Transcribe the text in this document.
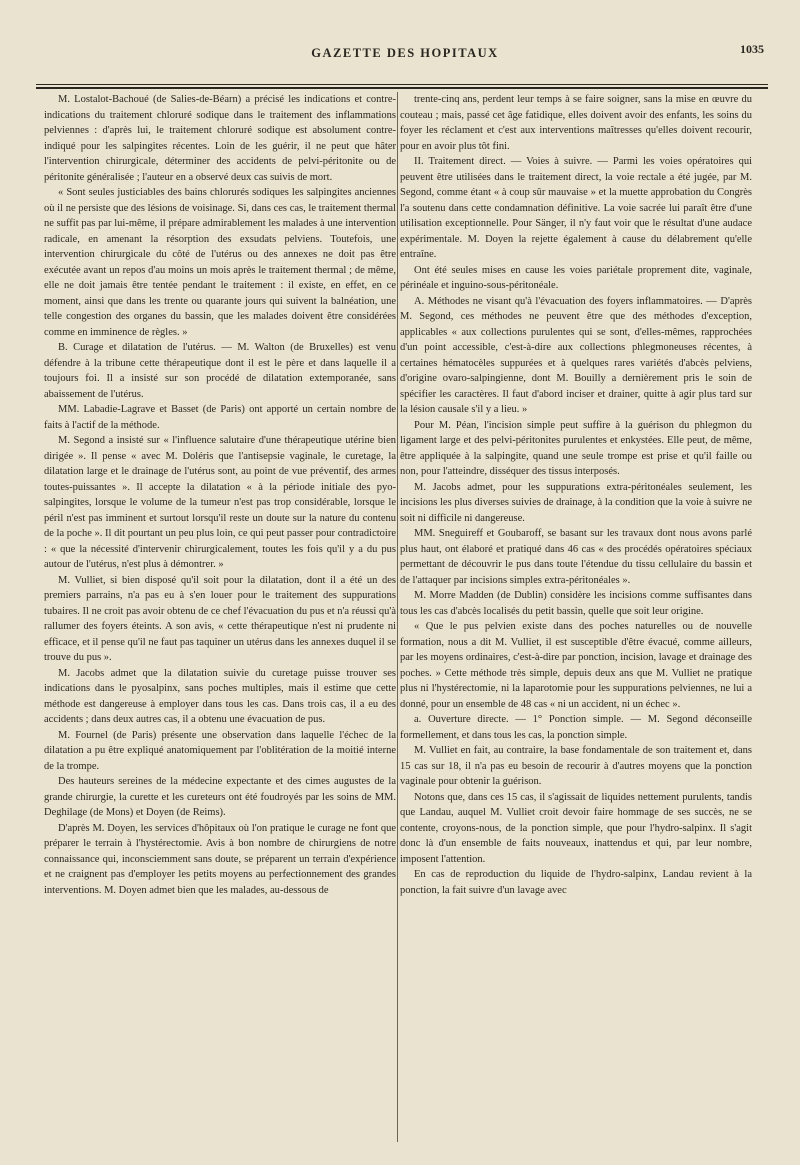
GAZETTE DES HOPITAUX	1035

M. Lostalot-Bachoué (de Salies-de-Béarn) a précisé les indications et contre-indications du traitement chloruré sodique dans le traitement des inflammations pelviennes : d'après lui, le traitement chloruré sodique est absolument contre-indiqué pour les salpingites récentes. Loin de les guérir, il ne peut que hâter l'intervention chirurgicale, déterminer des accidents de pelvi-péritonite ou de péritonite généralisée ; l'auteur en a observé deux cas suivis de mort.

« Sont seules justiciables des bains chlorurés sodiques les salpingites anciennes où il ne persiste que des lésions de voisinage. Si, dans ces cas, le traitement thermal ne suffit pas par lui-même, il prépare admirablement les malades à une intervention radicale, en amenant la résorption des exsudats pelviens. Toutefois, une intervention chirurgicale du côté de l'utérus ou des annexes ne doit pas être exécutée avant un repos d'au moins un mois après le traitement thermal ; de même, elle ne doit jamais être tentée pendant le traitement : il existe, en effet, en ce moment, ainsi que dans les trente ou quarante jours qui suivent la balnéation, une telle congestion des organes du bassin, que les malades doivent être considérées comme en imminence de règles. »

B. Curage et dilatation de l'utérus. — M. Walton (de Bruxelles) est venu défendre à la tribune cette thérapeutique dont il est le père et dans laquelle il a toujours foi. Il a insisté sur son procédé de dilatation extemporanée, sans abaissement de l'utérus.

MM. Labadie-Lagrave et Basset (de Paris) ont apporté un certain nombre de faits à l'actif de la méthode.

M. Segond a insisté sur « l'influence salutaire d'une thérapeutique utérine bien dirigée ». Il pense « avec M. Doléris que l'antisepsie vaginale, le curetage, la dilatation large et le drainage de l'utérus sont, au point de vue préventif, des armes toutes-puissantes ». Il accepte la dilatation « à la période initiale des pyo-salpingites, lorsque le volume de la tumeur n'est pas trop considérable, lorsque le péril n'est pas imminent et surtout lorsqu'il reste un doute sur la nature du contenu de la poche ». Il dit pourtant un peu plus loin, ce qui peut passer pour contradictoire : « que la nécessité d'intervenir chirurgicalement, toutes les fois qu'il y a du pus autour de l'utérus, n'est plus à démontrer. »

M. Vulliet, si bien disposé qu'il soit pour la dilatation, dont il a été un des premiers parrains, n'a pas eu à s'en louer pour le traitement des suppurations tubaires. Il ne croit pas avoir obtenu de ce chef l'évacuation du pus et n'a réussi qu'à rallumer des foyers éteints. A son avis, « cette thérapeutique n'est ni prudente ni efficace, et il pense qu'il ne faut pas taquiner un utérus dans les annexes duquel il se trouve du pus ».

M. Jacobs admet que la dilatation suivie du curetage puisse trouver ses indications dans le pyosalpinx, sans poches multiples, mais il estime que cette méthode est dangereuse à employer dans tous les cas. Dans trois cas, il a eu des accidents ; dans deux autres cas, il a obtenu une évacuation de pus.

M. Fournel (de Paris) présente une observation dans laquelle l'échec de la dilatation a pu être expliqué anatomiquement par l'oblitération de la moitié interne de la trompe.

Des hauteurs sereines de la médecine expectante et des cimes augustes de la grande chirurgie, la curette et les cureteurs ont été foudroyés par les soins de MM. Deghilage (de Mons) et Doyen (de Reims).

D'après M. Doyen, les services d'hôpitaux où l'on pratique le curage ne font que préparer le terrain à l'hystérectomie. Avis à bon nombre de chirurgiens de notre connaissance qui, inconsciemment sans doute, se préparent un terrain d'expérience et ne craignent pas d'employer les petits moyens au perfectionnement des grandes interventions. M. Doyen admet bien que les malades, au-dessous de

trente-cinq ans, perdent leur temps à se faire soigner, sans la mise en œuvre du couteau ; mais, passé cet âge fatidique, elles doivent avoir des enfants, les soins du foyer les réclament et c'est aux interventions maîtresses qu'elles doivent recourir, pour en avoir plus tôt fini.

II. Traitement direct. — Voies à suivre. — Parmi les voies opératoires qui peuvent être utilisées dans le traitement direct, la voie rectale a été jugée, par M. Segond, comme étant « à coup sûr mauvaise » et la muette approbation du Congrès l'a soutenu dans cette condamnation définitive. La voie sacrée lui paraît être d'une utilisation exceptionnelle. Pour Sänger, il n'y faut voir que le résultat d'une audace expérimentale. M. Doyen la rejette également à cause du délabrement qu'elle entraîne.

Ont été seules mises en cause les voies pariétale proprement dite, vaginale, périnéale et inguino-sous-péritonéale.

A. Méthodes ne visant qu'à l'évacuation des foyers inflammatoires. — D'après M. Segond, ces méthodes ne peuvent être que des méthodes d'exception, applicables « aux collections purulentes qui se sont, d'elles-mêmes, rapprochées d'un point accessible, c'est-à-dire aux collections phlegmoneuses récentes, à certaines hématocèles suppurées et à quelques rares variétés d'abcès pelviens, d'origine ovaro-salpingienne, dont M. Bouilly a dernièrement pris le soin de spécifier les caractères. Il faut d'abord inciser et drainer, quitte à agir plus tard sur la lésion causale s'il y a lieu. »

Pour M. Péan, l'incision simple peut suffire à la guérison du phlegmon du ligament large et des pelvi-péritonites purulentes et enkystées. Elle peut, de même, être appliquée à la salpingite, quand une seule trompe est prise et qu'il faille ou non, pour l'atteindre, disséquer des tissus interposés.

M. Jacobs admet, pour les suppurations extra-péritonéales seulement, les incisions les plus diverses suivies de drainage, à la condition que la voie à suivre ne soit ni difficile ni dangereuse.

MM. Sneguireff et Goubaroff, se basant sur les travaux dont nous avons parlé plus haut, ont élaboré et pratiqué dans 46 cas « des procédés opératoires spéciaux permettant de découvrir le pus dans toute l'étendue du tissu cellulaire du bassin et de l'attaquer par incisions simples extra-péritonéales ».

M. Morre Madden (de Dublin) considère les incisions comme suffisantes dans tous les cas d'abcès localisés du petit bassin, quelle que soit leur origine.

« Que le pus pelvien existe dans des poches naturelles ou de nouvelle formation, nous a dit M. Vulliet, il est susceptible d'être évacué, comme ailleurs, par les moyens ordinaires, c'est-à-dire par ponction, incision, lavage et drainage des poches. » Cette méthode très simple, depuis deux ans que M. Vulliet ne pratique plus ni l'hystérectomie, ni la laparotomie pour les suppurations pelviennes, ne lui a donné, pour un ensemble de 48 cas « ni un accident, ni un échec ».

a. Ouverture directe. — 1° Ponction simple. — M. Segond déconseille formellement, et dans tous les cas, la ponction simple.

M. Vulliet en fait, au contraire, la base fondamentale de son traitement et, dans 15 cas sur 18, il n'a pas eu besoin de recourir à d'autres moyens que la ponction vaginale pour obtenir la guérison.

Notons que, dans ces 15 cas, il s'agissait de liquides nettement purulents, tandis que Landau, auquel M. Vulliet croit devoir faire hommage de ses succès, ne se contente, croyons-nous, de la ponction simple, que pour l'hydro-salpinx. Il s'agit donc là d'un ensemble de faits nouveaux, inattendus et qui, par leur nombre, imposent l'attention.

En cas de reproduction du liquide de l'hydro-salpinx, Landau revient à la ponction, la fait suivre d'un lavage avec
